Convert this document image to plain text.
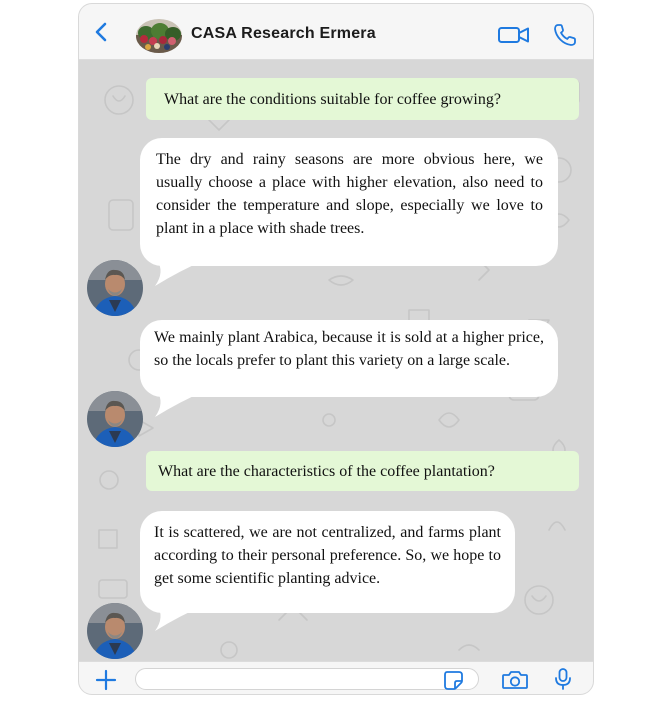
CASA Research Ermera
What are the conditions suitable for coffee growing?
The dry and rainy seasons are more obvious here, we usually choose a place with higher elevation, also need to consider the temperature and slope, especially we love to plant in a place with shade trees.
We mainly plant Arabica, because it is sold at a higher price, so the locals prefer to plant this variety on a large scale.
What are the characteristics of the coffee plantation?
It is scattered, we are not centralized, and farms plant according to their personal preference. So, we hope to get some scientific planting advice.
